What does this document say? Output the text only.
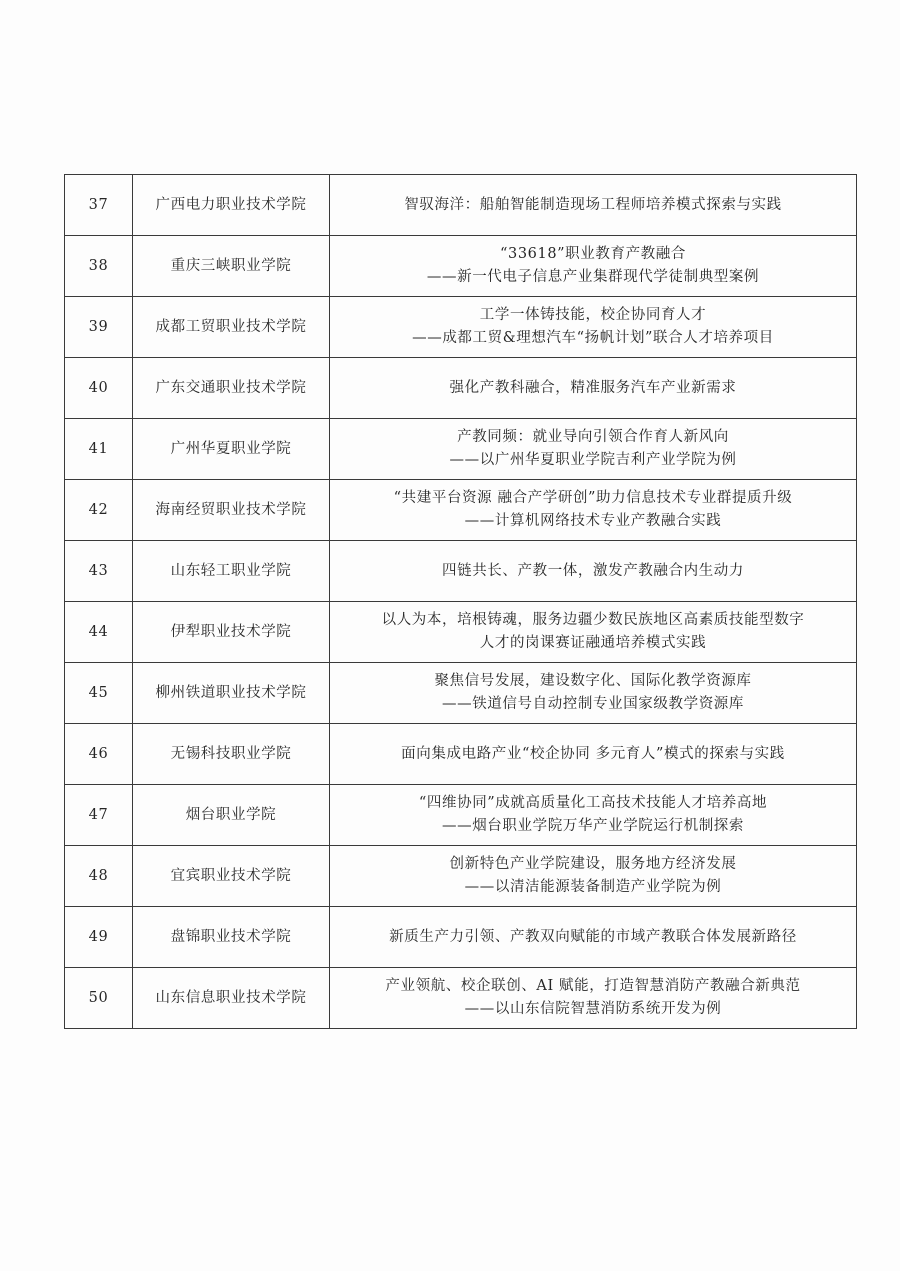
37	广西电力职业技术学院	智驭海洋：船舶智能制造现场工程师培养模式探索与实践

38	重庆三峡职业学院	“33618”职业教育产教融合
——新一代电子信息产业集群现代学徒制典型案例

39	成都工贸职业技术学院	工学一体铸技能，校企协同育人才
——成都工贸&理想汽车“扬帆计划”联合人才培养项目

40	广东交通职业技术学院	强化产教科融合，精准服务汽车产业新需求

41	广州华夏职业学院	产教同频：就业导向引领合作育人新风向
——以广州华夏职业学院吉利产业学院为例

42	海南经贸职业技术学院	“共建平台资源 融合产学研创”助力信息技术专业群提质升级
——计算机网络技术专业产教融合实践

43	山东轻工职业学院	四链共长、产教一体，激发产教融合内生动力

44	伊犁职业技术学院	以人为本，培根铸魂，服务边疆少数民族地区高素质技能型数字
人才的岗课赛证融通培养模式实践

45	柳州铁道职业技术学院	聚焦信号发展，建设数字化、国际化教学资源库
——铁道信号自动控制专业国家级教学资源库

46	无锡科技职业学院	面向集成电路产业“校企协同 多元育人”模式的探索与实践

47	烟台职业学院	“四维协同”成就高质量化工高技术技能人才培养高地
——烟台职业学院万华产业学院运行机制探索

48	宜宾职业技术学院	创新特色产业学院建设，服务地方经济发展
——以清洁能源装备制造产业学院为例

49	盘锦职业技术学院	新质生产力引领、产教双向赋能的市域产教联合体发展新路径

50	山东信息职业技术学院	产业领航、校企联创、AI 赋能，打造智慧消防产教融合新典范
——以山东信院智慧消防系统开发为例
